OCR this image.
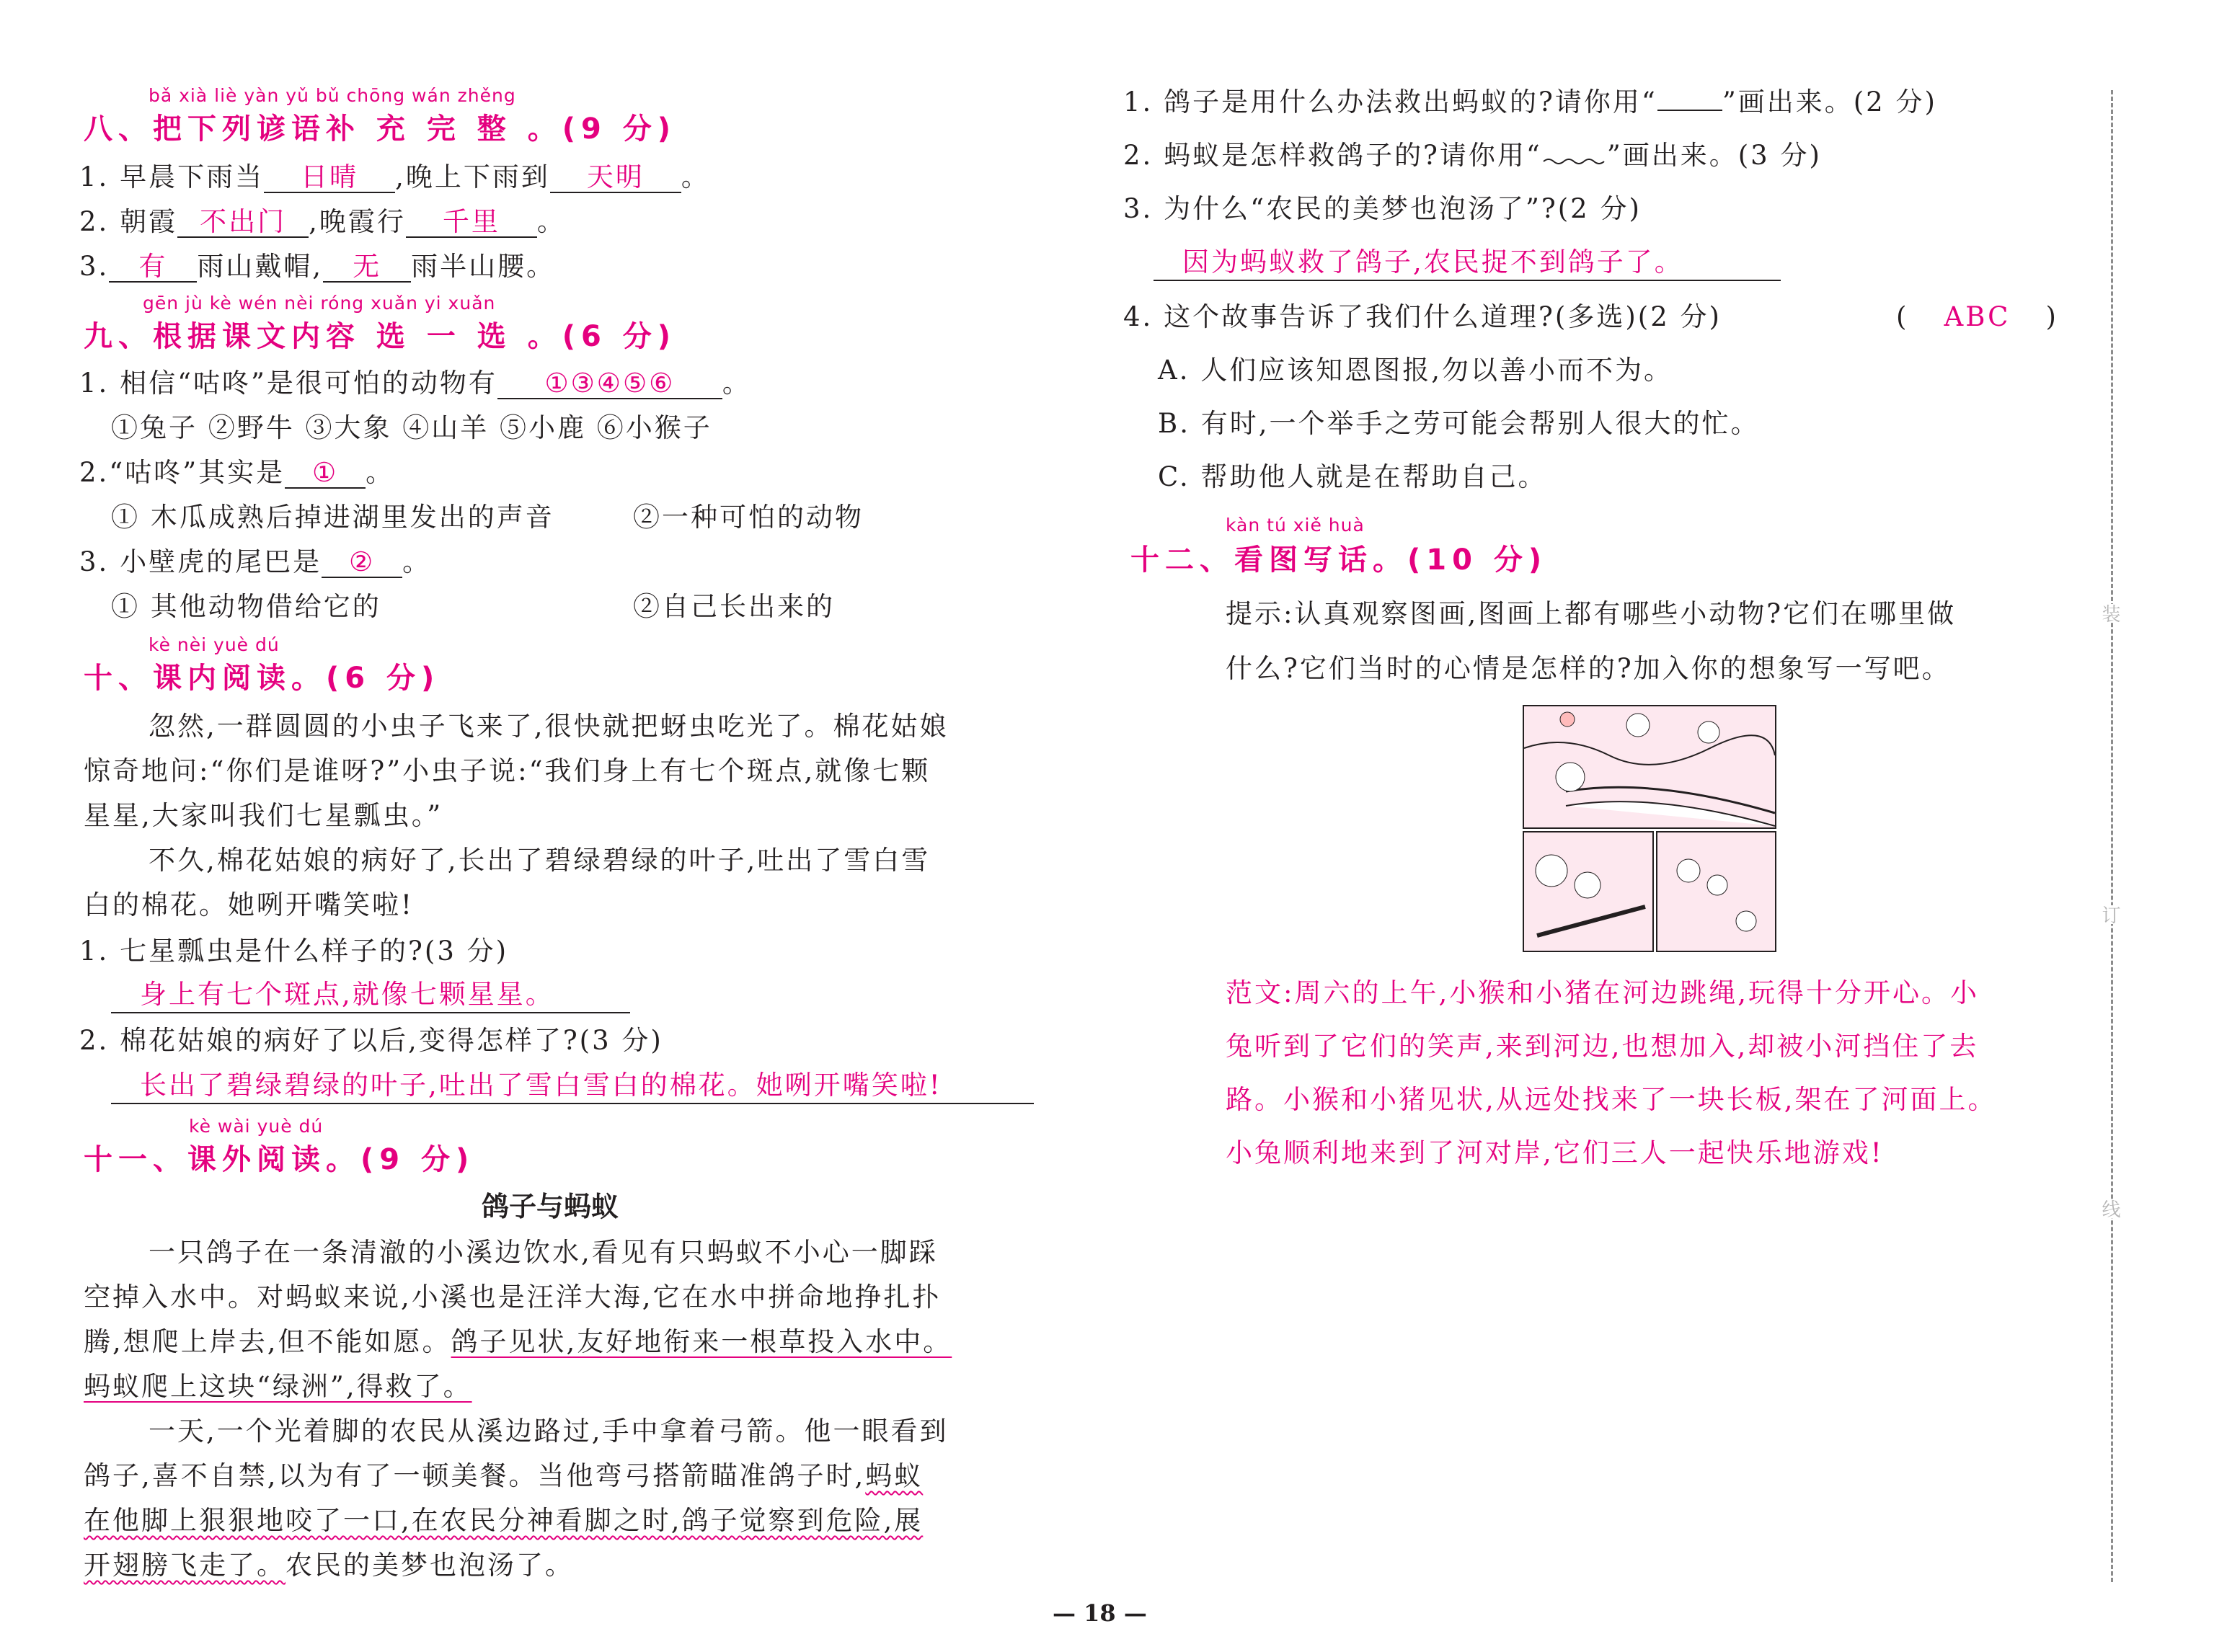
bǎ xià liè yàn yǔ bǔ chōng wán zhěng
八、把下列谚语补 充 完 整 。(9 分)
1. 早晨下雨当 日晴 ,晚上下雨到 天明 。
2. 朝霞 不出门 ,晚霞行 千里 。
3. 有 雨山戴帽, 无 雨半山腰。
gēn jù kè wén nèi róng xuǎn yi xuǎn
九、根据课文内容 选 一 选 。(6 分)
1. 相信“咕咚”是很可怕的动物有 ①③④⑤⑥ 。
①兔子 ②野牛 ③大象 ④山羊 ⑤小鹿 ⑥小猴子
2.“咕咚”其实是 ① 。
① 木瓜成熟后掉进湖里发出的声音	②一种可怕的动物
3. 小壁虎的尾巴是 ② 。
① 其他动物借给它的	②自己长出来的
kè nèi yuè dú
十、课内阅读。(6 分)
忽然,一群圆圆的小虫子飞来了,很快就把蚜虫吃光了。棉花姑娘
惊奇地问:“你们是谁呀?”小虫子说:“我们身上有七个斑点,就像七颗
星星,大家叫我们七星瓢虫。”
不久,棉花姑娘的病好了,长出了碧绿碧绿的叶子,吐出了雪白雪
白的棉花。她咧开嘴笑啦!
1. 七星瓢虫是什么样子的?(3 分)
身上有七个斑点,就像七颗星星。
2. 棉花姑娘的病好了以后,变得怎样了?(3 分)
长出了碧绿碧绿的叶子,吐出了雪白雪白的棉花。她咧开嘴笑啦!
kè wài yuè dú
十一、课外阅读。(9 分)
鸽子与蚂蚁
一只鸽子在一条清澈的小溪边饮水,看见有只蚂蚁不小心一脚踩
空掉入水中。对蚂蚁来说,小溪也是汪洋大海,它在水中拼命地挣扎扑
腾,想爬上岸去,但不能如愿。鸽子见状,友好地衔来一根草投入水中。
蚂蚁爬上这块“绿洲”,得救了。
一天,一个光着脚的农民从溪边路过,手中拿着弓箭。他一眼看到
鸽子,喜不自禁,以为有了一顿美餐。当他弯弓搭箭瞄准鸽子时,蚂蚁
在他脚上狠狠地咬了一口,在农民分神看脚之时,鸽子觉察到危险,展
开翅膀飞走了。农民的美梦也泡汤了。
1. 鸽子是用什么办法救出蚂蚁的?请你用“ ”画出来。(2 分)
2. 蚂蚁是怎样救鸽子的?请你用“ ”画出来。(3 分)
3. 为什么“农民的美梦也泡汤了”?(2 分)
因为蚂蚁救了鸽子,农民捉不到鸽子了。
4. 这个故事告诉了我们什么道理?(多选)(2 分)	( ABC )
A. 人们应该知恩图报,勿以善小而不为。
B. 有时,一个举手之劳可能会帮别人很大的忙。
C. 帮助他人就是在帮助自己。
kàn tú xiě huà
十二、看图写话。(10 分)
提示:认真观察图画,图画上都有哪些小动物?它们在哪里做
什么?它们当时的心情是怎样的?加入你的想象写一写吧。
范文:周六的上午,小猴和小猪在河边跳绳,玩得十分开心。小
兔听到了它们的笑声,来到河边,也想加入,却被小河挡住了去
路。小猴和小猪见状,从远处找来了一块长板,架在了河面上。
小兔顺利地来到了河对岸,它们三人一起快乐地游戏!
装
订
线
— 18 —
